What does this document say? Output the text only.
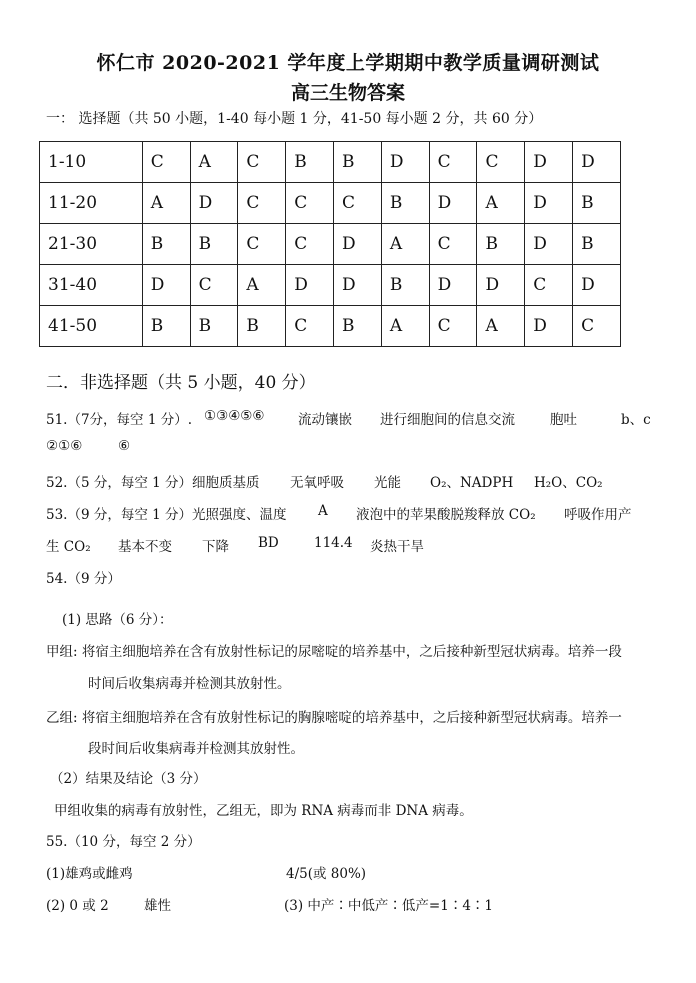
怀仁市 2020-2021 学年度上学期期中教学质量调研测试
高三生物答案
一： 选择题（共 50 小题，1-40 每小题 1 分，41-50 每小题 2 分，共 60 分）
1-10	C	A	C	B	B	D	C	C	D	D
11-20	A	D	C	C	C	B	D	A	D	B
21-30	B	B	C	C	D	A	C	B	D	B
31-40	D	C	A	D	D	B	D	D	C	D
41-50	B	B	B	C	B	A	C	A	D	C
二．非选择题（共 5 小题，40 分）
51.（7分，每空 1 分）. ①③④⑤⑥ 流动镶嵌 进行细胞间的信息交流	胞吐	b、c
②①⑥	⑥
52.（5 分，每空 1 分）细胞质基质 无氧呼吸 光能 O₂、NADPH H₂O、CO₂
53.（9 分，每空 1 分）光照强度、温度 A 液泡中的苹果酸脱羧释放 CO₂ 呼吸作用产
生 CO₂ 基本不变 下降 BD	114.4 炎热干旱
54.（9 分）
(1) 思路（6 分）：
甲组: 将宿主细胞培养在含有放射性标记的尿嘧啶的培养基中，之后接种新型冠状病毒。培养一段
时间后收集病毒并检测其放射性。
乙组: 将宿主细胞培养在含有放射性标记的胸腺嘧啶的培养基中，之后接种新型冠状病毒。培养一
段时间后收集病毒并检测其放射性。
（2）结果及结论（3 分）
甲组收集的病毒有放射性，乙组无，即为 RNA 病毒而非 DNA 病毒。
55.（10 分，每空 2 分）
(1)雄鸡或雌鸡	4/5(或 80%)
(2) 0 或 2	雄性	(3) 中产∶中低产∶低产=1∶4∶1
